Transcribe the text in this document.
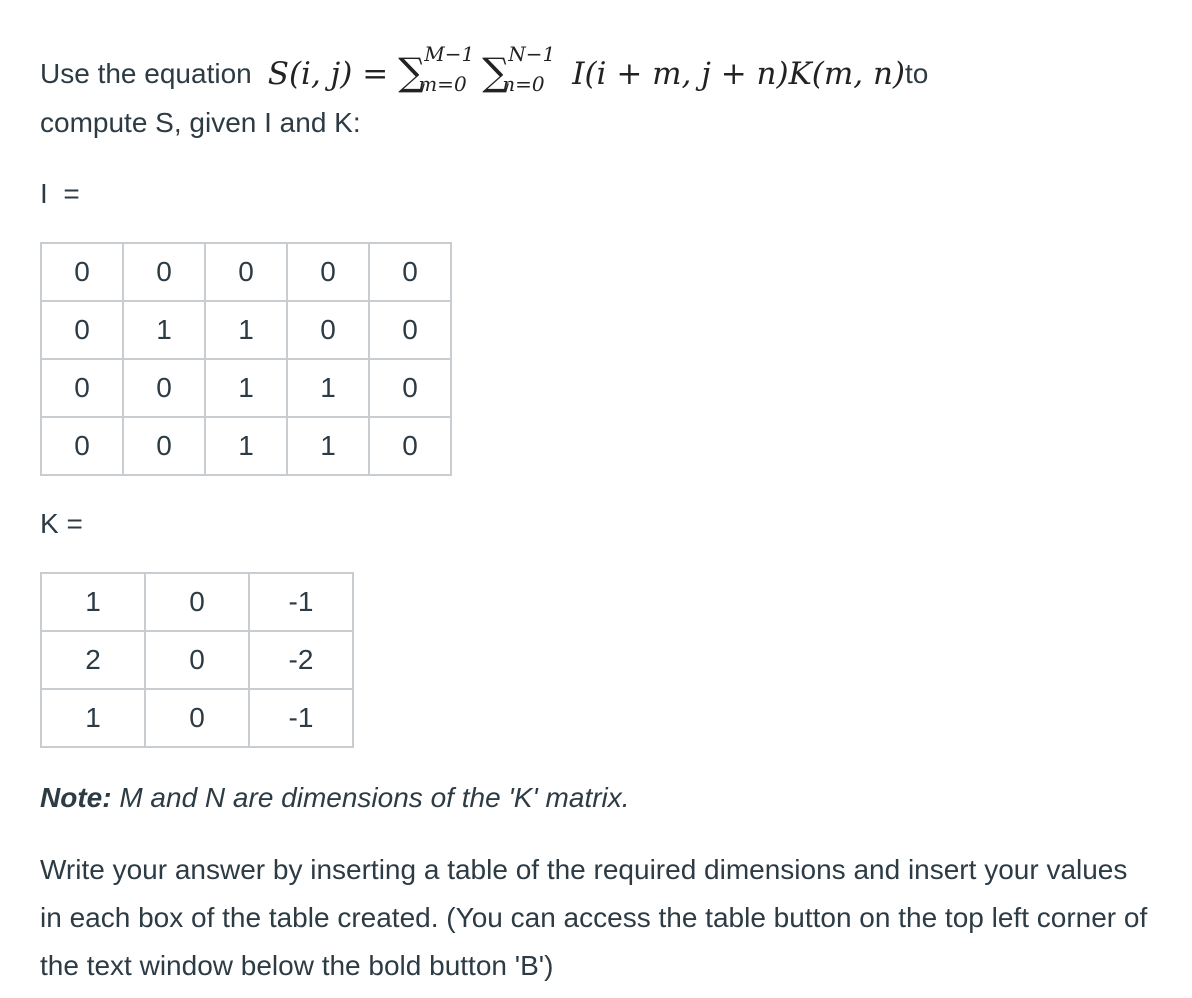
Use the equation S(i, j) = ∑
M−1
m=0 ∑
N−1
n=0 I(i + m, j + n)K(m, n) to
compute S, given I and K:
I  =
0	0	0	0	0
0	1	1	0	0
0	0	1	1	0
0	0	1	1	0
K =
1	0	-1
2	0	-2
1	0	-1
Note: M and N are dimensions of the 'K' matrix.
Write your answer by inserting a table of the required dimensions and insert your values in each box of the table created. (You can access the table button on the top left corner of the text window below the bold button 'B')
